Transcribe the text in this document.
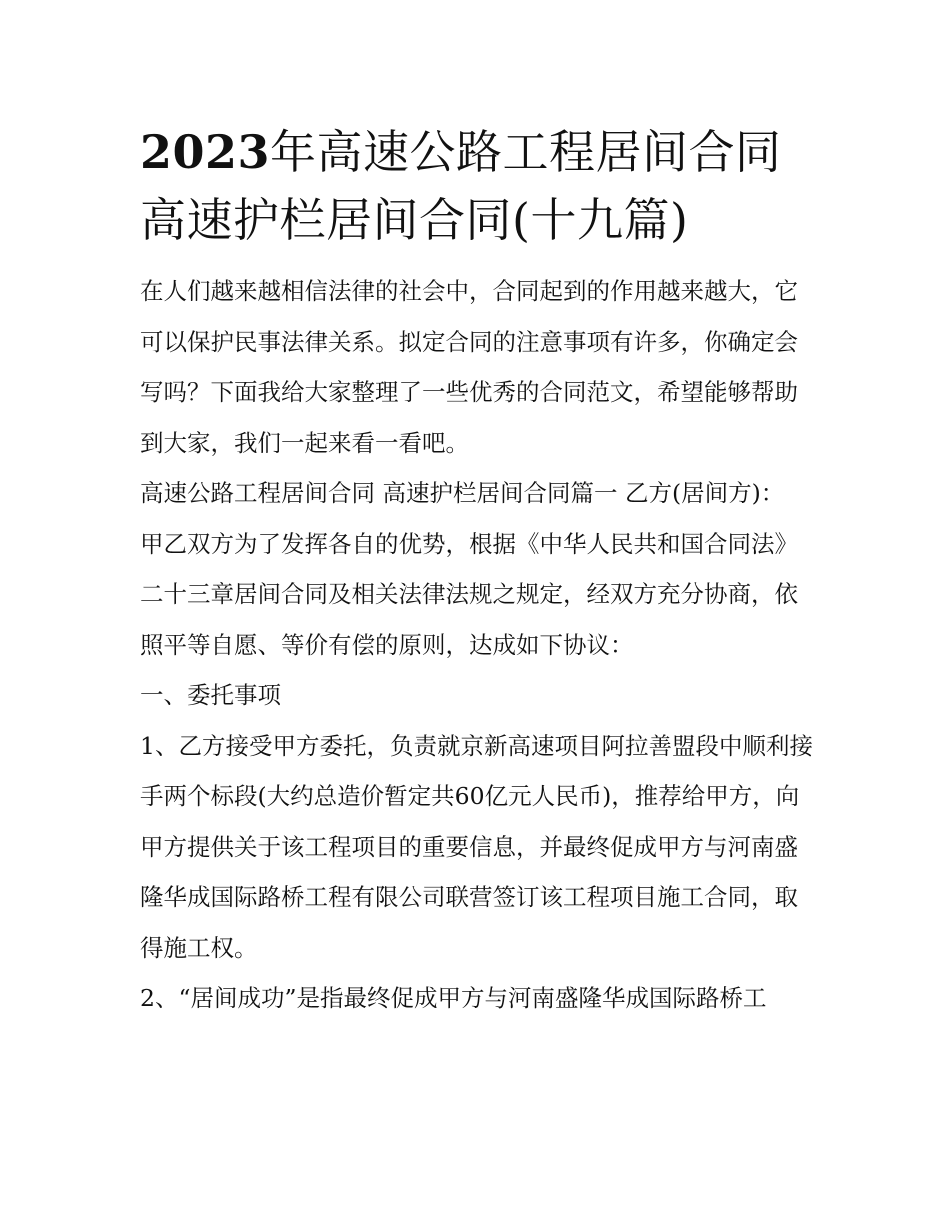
2023年高速公路工程居间合同
高速护栏居间合同(十九篇)

在人们越来越相信法律的社会中，合同起到的作用越来越大，它可以保护民事法律关系。拟定合同的注意事项有许多，你确定会写吗？下面我给大家整理了一些优秀的合同范文，希望能够帮助到大家，我们一起来看一看吧。

高速公路工程居间合同 高速护栏居间合同篇一 乙方(居间方)：

甲乙双方为了发挥各自的优势，根据《中华人民共和国合同法》二十三章居间合同及相关法律法规之规定，经双方充分协商，依照平等自愿、等价有偿的原则，达成如下协议：

一、委托事项

1、乙方接受甲方委托，负责就京新高速项目阿拉善盟段中顺利接手两个标段(大约总造价暂定共60亿元人民币)，推荐给甲方，向甲方提供关于该工程项目的重要信息，并最终促成甲方与河南盛隆华成国际路桥工程有限公司联营签订该工程项目施工合同，取得施工权。

2、“居间成功”是指最终促成甲方与河南盛隆华成国际路桥工
